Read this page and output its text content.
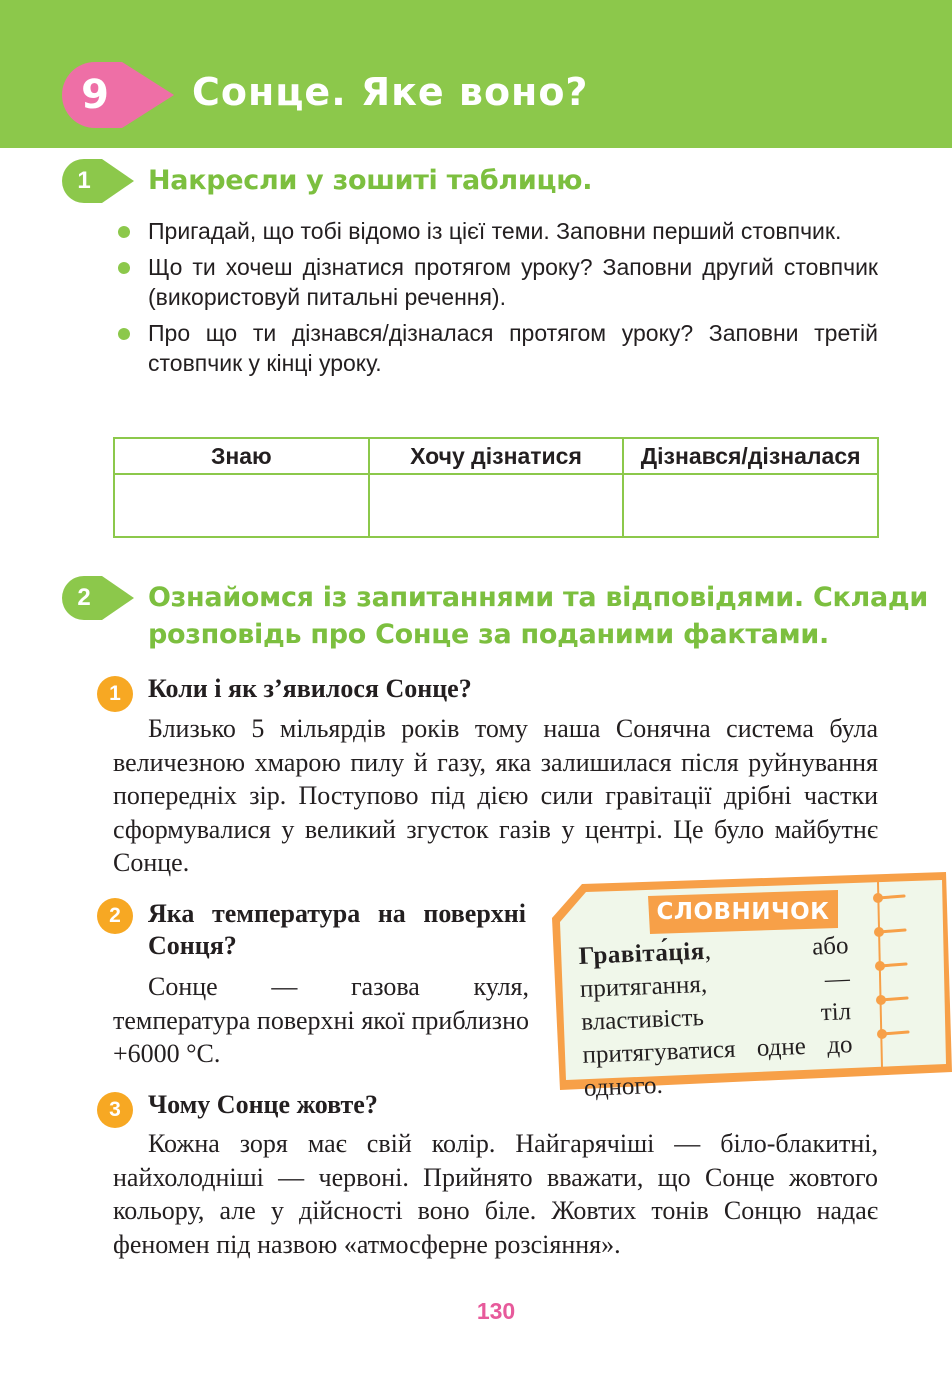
9	Сонце. Яке воно?
1	Накресли у зошиті таблицю.
Пригадай, що тобі відомо із цієї теми. Заповни перший стовпчик.
Що ти хочеш дізнатися протягом уроку? Заповни другий стовпчик (використовуй питальні речення).
Про що ти дізнався/дізналася протягом уроку? Заповни третій стовпчик у кінці уроку.
Знаю	Хочу дізнатися	Дізнався/дізналася

2	Ознайомся із запитаннями та відповідями. Склади
розповідь про Сонце за поданими фактами.
1	Коли і як з’явилося Сонце?
Близько 5 мільярдів років тому наша Сонячна система була величезною хмарою пилу й газу, яка залишилася після руйнування попередніх зір. Поступово під дією сили гравітації дрібні частки сформувалися у великий згусток газів у центрі. Це було майбутнє Сонце.
2	Яка температура на поверхні Сонця?
Сонце — газова куля, температура поверхні якої приблизно +6000 °С.
СЛОВНИЧОК
Гравіта́ція, або притягання, — властивість тіл притягуватися одне до одного.
3	Чому Сонце жовте?
Кожна зоря має свій колір. Найгарячіші — біло-блакитні, найхолодніші — червоні. Прийнято вважати, що Сонце жовтого кольору, але у дійсності воно біле. Жовтих тонів Сонцю надає феномен під назвою «атмосферне розсіяння».
130
